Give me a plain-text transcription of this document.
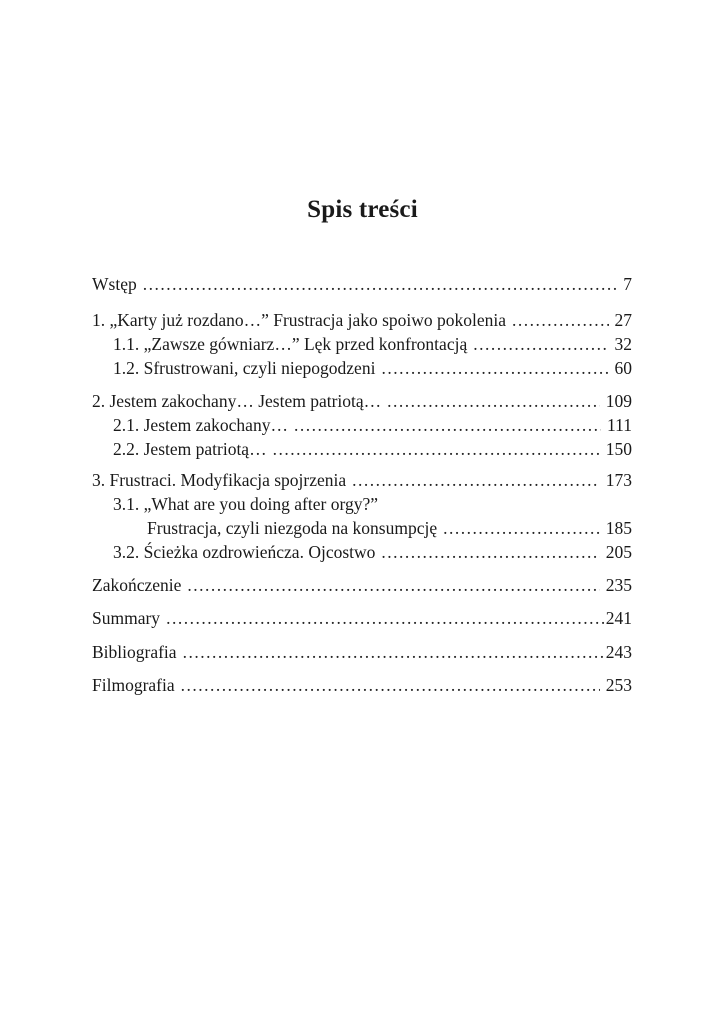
Spis treści
Wstęp .....	7
1. „Karty już rozdano…” Frustracja jako spoiwo pokolenia .....	27
1.1. „Zawsze gówniarz…” Lęk przed konfrontacją .....	32
1.2. Sfrustrowani, czyli niepogodzeni .....	60
2. Jestem zakochany… Jestem patriotą… .....	109
2.1. Jestem zakochany… .....	111
2.2. Jestem patriotą… .....	150
3. Frustraci. Modyfikacja spojrzenia .....	173
3.1. „What are you doing after orgy?”
Frustracja, czyli niezgoda na konsumpcję .....	185
3.2. Ścieżka ozdrowieńcza. Ojcostwo .....	205
Zakończenie .....	235
Summary .....	241
Bibliografia .....	243
Filmografia .....	253
